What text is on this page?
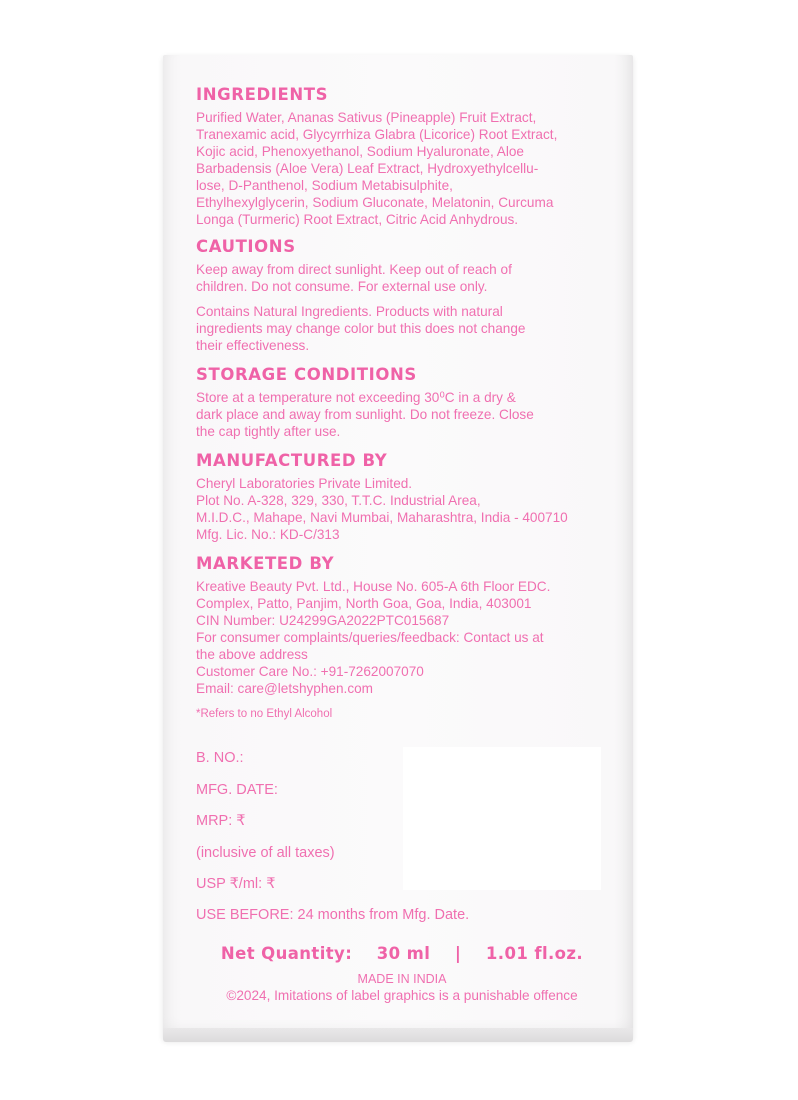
INGREDIENTS

Purified Water, Ananas Sativus (Pineapple) Fruit Extract,
Tranexamic acid, Glycyrrhiza Glabra (Licorice) Root Extract,
Kojic acid, Phenoxyethanol, Sodium Hyaluronate, Aloe
Barbadensis (Aloe Vera) Leaf Extract, Hydroxyethylcellu-
lose, D-Panthenol, Sodium Metabisulphite,
Ethylhexylglycerin, Sodium Gluconate, Melatonin, Curcuma
Longa (Turmeric) Root Extract, Citric Acid Anhydrous.

CAUTIONS

Keep away from direct sunlight. Keep out of reach of
children. Do not consume. For external use only.

Contains Natural Ingredients. Products with natural
ingredients may change color but this does not change
their effectiveness.

STORAGE CONDITIONS

Store at a temperature not exceeding 30⁰C in a dry &
dark place and away from sunlight. Do not freeze. Close
the cap tightly after use.

MANUFACTURED BY

Cheryl Laboratories Private Limited.
Plot No. A-328, 329, 330, T.T.C. Industrial Area,
M.I.D.C., Mahape, Navi Mumbai, Maharashtra, India - 400710
Mfg. Lic. No.: KD-C/313

MARKETED BY

Kreative Beauty Pvt. Ltd., House No. 605-A 6th Floor EDC.
Complex, Patto, Panjim, North Goa, Goa, India, 403001
CIN Number: U24299GA2022PTC015687
For consumer complaints/queries/feedback: Contact us at
the above address
Customer Care No.: +91-7262007070
Email: care@letshyphen.com

*Refers to no Ethyl Alcohol
B. NO.:
MFG. DATE:
MRP: ₹
(inclusive of all taxes)
USP ₹/ml: ₹
USE BEFORE: 24 months from Mfg. Date.
Net Quantity:    30 ml    |    1.01 fl.oz.
MADE IN INDIA
©2024, Imitations of label graphics is a punishable offence
